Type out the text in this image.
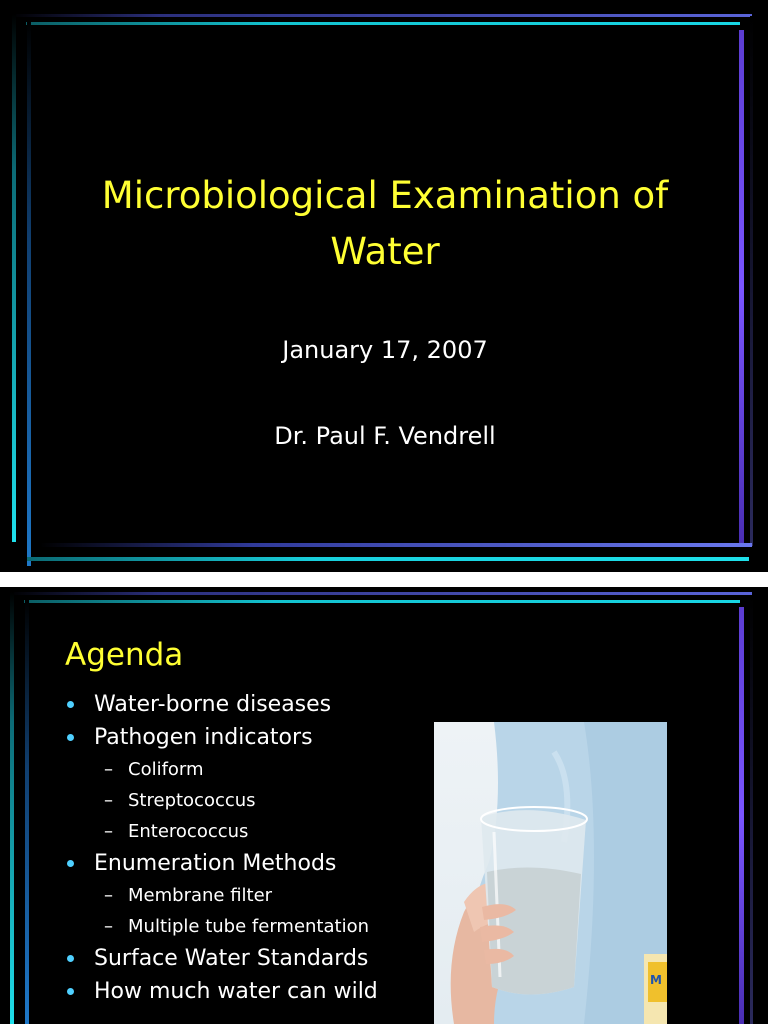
Microbiological Examination of Water
January 17, 2007
Dr. Paul F. Vendrell
Agenda
Water-borne diseases
Pathogen indicators
– Coliform
– Streptococcus
– Enterococcus
Enumeration Methods
– Membrane filter
– Multiple tube fermentation
Surface Water Standards
How much water can wild	M
